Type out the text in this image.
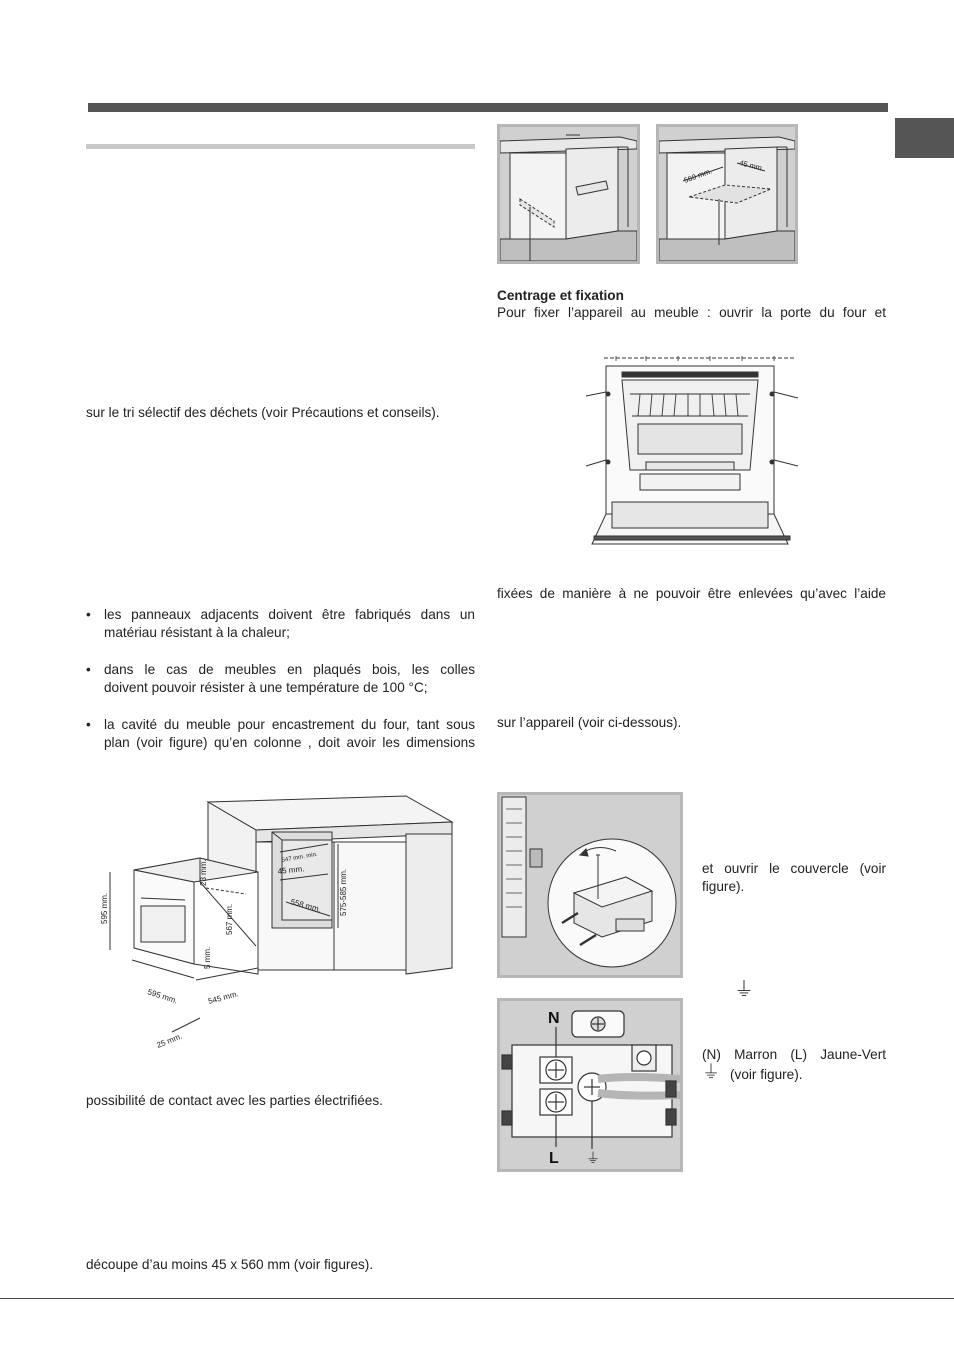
sur le tri sélectif des déchets (voir Précautions et conseils).
• les panneaux adjacents doivent être fabriqués dans un
matériau résistant à la chaleur;
• dans le cas de meubles en plaqués bois, les colles
doivent pouvoir résister à une température de 100 °C;
• la cavité du meuble pour encastrement du four, tant sous
plan (voir figure) qu’en colonne , doit avoir les dimensions
595 mm.	567 mm.
23 mm.
5 mm.
595 mm.	545 mm.
25 mm.
547 mm. min.
45 mm.
558 mm. 575-585 mm.
possibilité de contact avec les parties électrifiées.
découpe d’au moins 45 x 560 mm (voir figures).
560 mm.
45 mm.
Centrage et fixation
Pour fixer l’appareil au meuble : ouvrir la porte du four et
fixées de manière à ne pouvoir être enlevées qu’avec l’aide
sur l’appareil (voir ci-dessous).
et ouvrir le couvercle (voir
figure).
N
L ⏚
⏚
(N) Marron (L) Jaune-Vert
⏚ (voir figure).
